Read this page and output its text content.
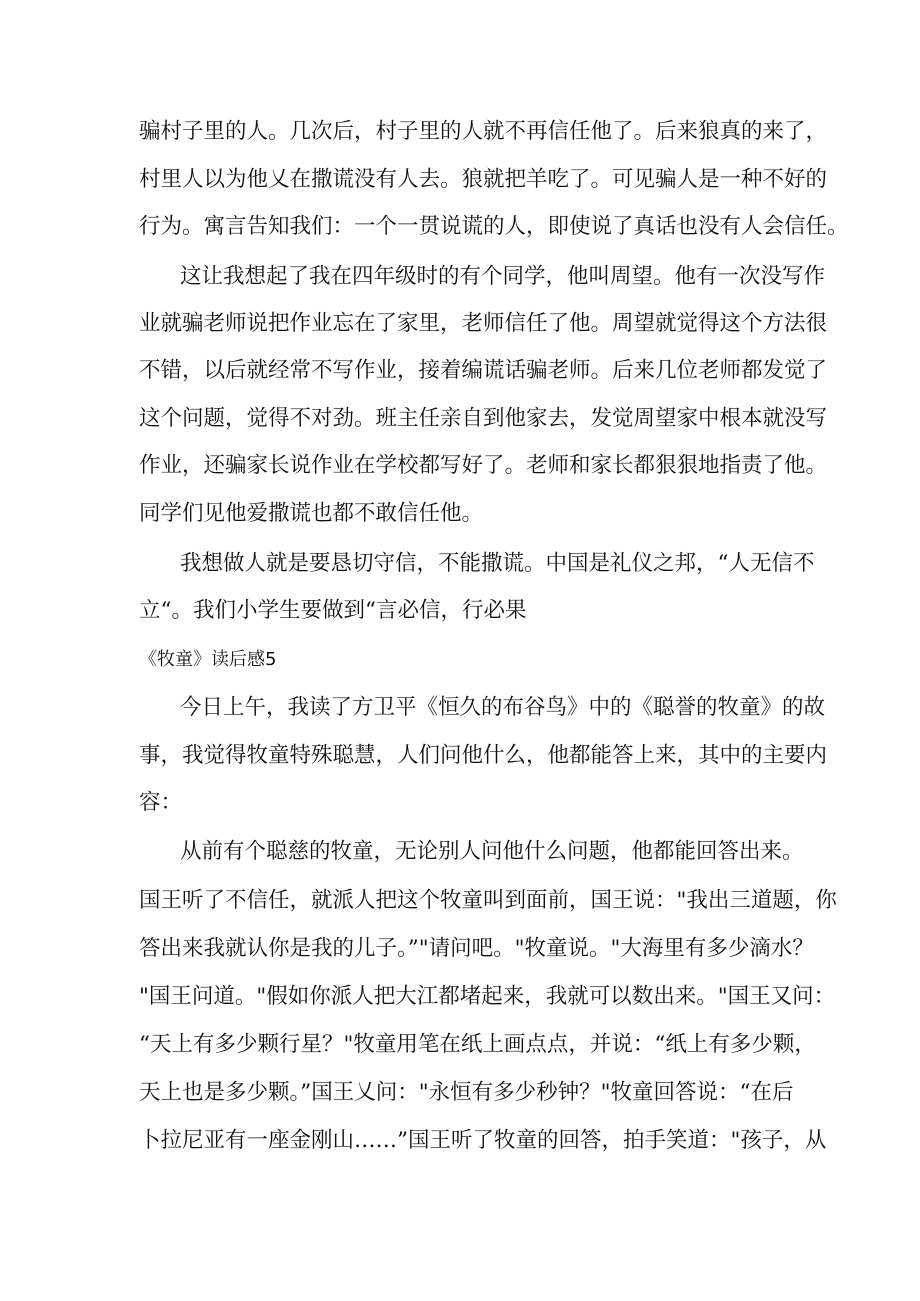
骗村子里的人。几次后，村子里的人就不再信任他了。后来狼真的来了，
村里人以为他乂在撒谎没有人去。狼就把羊吃了。可见骗人是一种不好的
行为。寓言告知我们：一个一贯说谎的人，即使说了真话也没有人会信任。
这让我想起了我在四年级时的有个同学，他叫周望。他有一次没写作
业就骗老师说把作业忘在了家里，老师信任了他。周望就觉得这个方法很
不错，以后就经常不写作业，接着编谎话骗老师。后来几位老师都发觉了
这个问题，觉得不对劲。班主任亲自到他家去，发觉周望家中根本就没写
作业，还骗家长说作业在学校都写好了。老师和家长都狠狠地指责了他。
同学们见他爱撒谎也都不敢信任他。
我想做人就是要恳切守信，不能撒谎。中国是礼仪之邦，“人无信不
立“。我们小学生要做到“言必信，行必果
《牧童》读后感5
今日上午，我读了方卫平《恒久的布谷鸟》中的《聪誉的牧童》的故
事，我觉得牧童特殊聪慧，人们问他什么，他都能答上来，其中的主要内
容：
从前有个聪慈的牧童，无论别人问他什么问题，他都能回答出来。
国王听了不信任，就派人把这个牧童叫到面前，国王说："我出三道题，你
答出来我就认你是我的儿子。”"请问吧。"牧童说。"大海里有多少滴水？
"国王问道。"假如你派人把大江都堵起来，我就可以数出来。"国王又问：
“天上有多少颗行星？"牧童用笔在纸上画点点，并说：“纸上有多少颗，
天上也是多少颗。”国王乂问："永恒有多少秒钟？"牧童回答说：“在后
卜拉尼亚有一座金刚山……”国王听了牧童的回答，拍手笑道："孩子，从
